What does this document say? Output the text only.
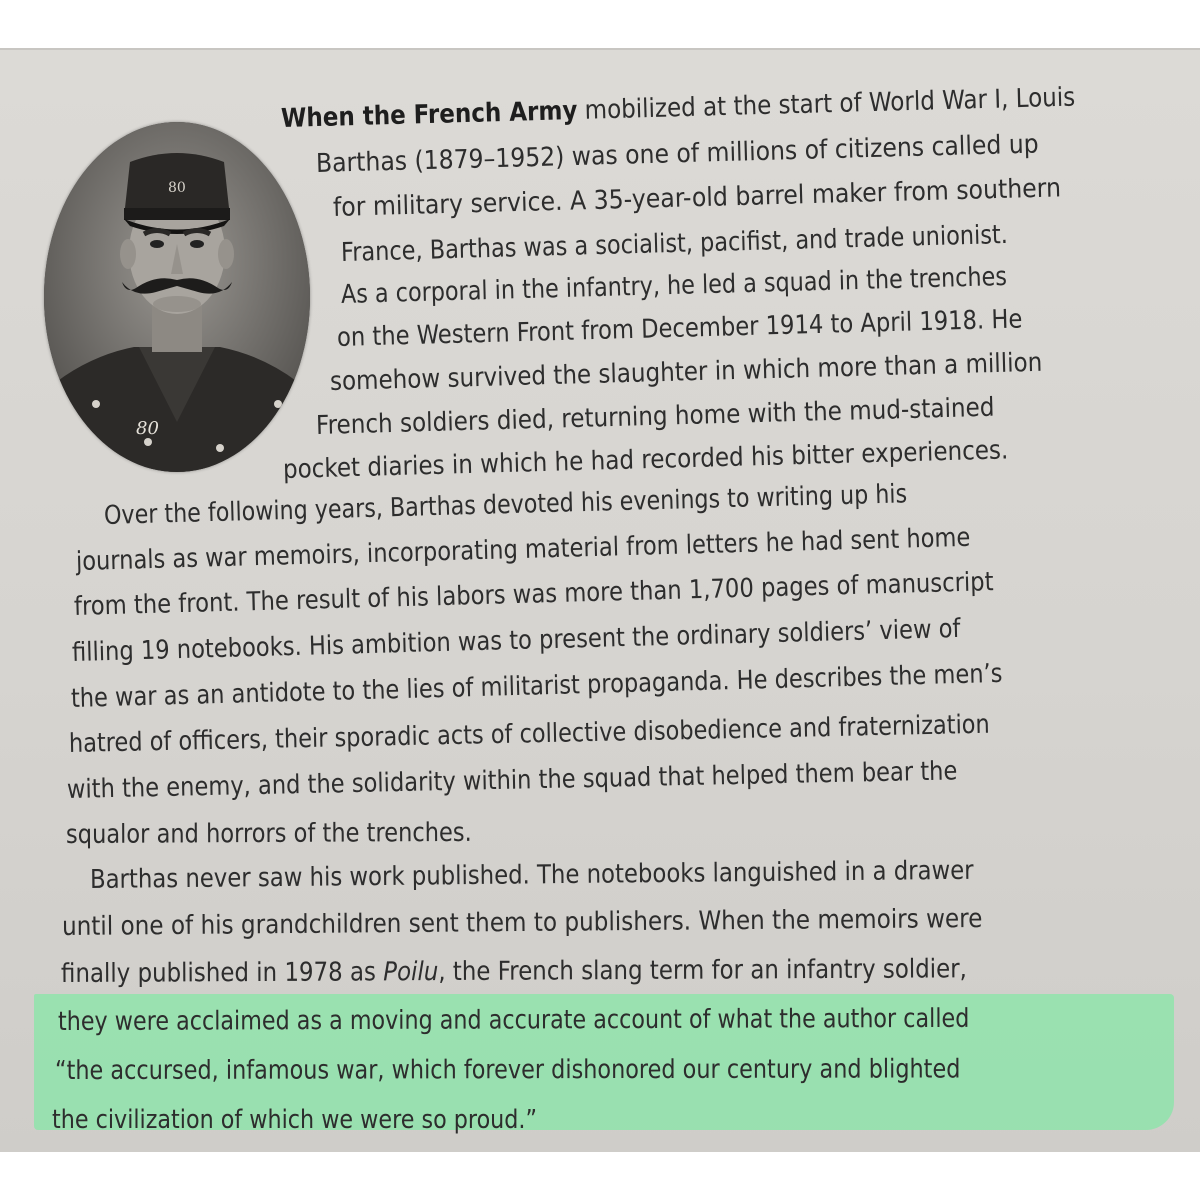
80
80
When the French Army mobilized at the start of World War I, Louis
Barthas (1879–1952) was one of millions of citizens called up
for military service. A 35-year-old barrel maker from southern
France, Barthas was a socialist, pacifist, and trade unionist.
As a corporal in the infantry, he led a squad in the trenches
on the Western Front from December 1914 to April 1918. He
somehow survived the slaughter in which more than a million
French soldiers died, returning home with the mud-stained
pocket diaries in which he had recorded his bitter experiences.
Over the following years, Barthas devoted his evenings to writing up his
journals as war memoirs, incorporating material from letters he had sent home
from the front. The result of his labors was more than 1,700 pages of manuscript
filling 19 notebooks. His ambition was to present the ordinary soldiers’ view of
the war as an antidote to the lies of militarist propaganda. He describes the men’s
hatred of officers, their sporadic acts of collective disobedience and fraternization
with the enemy, and the solidarity within the squad that helped them bear the
squalor and horrors of the trenches.
Barthas never saw his work published. The notebooks languished in a drawer
until one of his grandchildren sent them to publishers. When the memoirs were
finally published in 1978 as Poilu, the French slang term for an infantry soldier,
they were acclaimed as a moving and accurate account of what the author called
“the accursed, infamous war, which forever dishonored our century and blighted
the civilization of which we were so proud.”
